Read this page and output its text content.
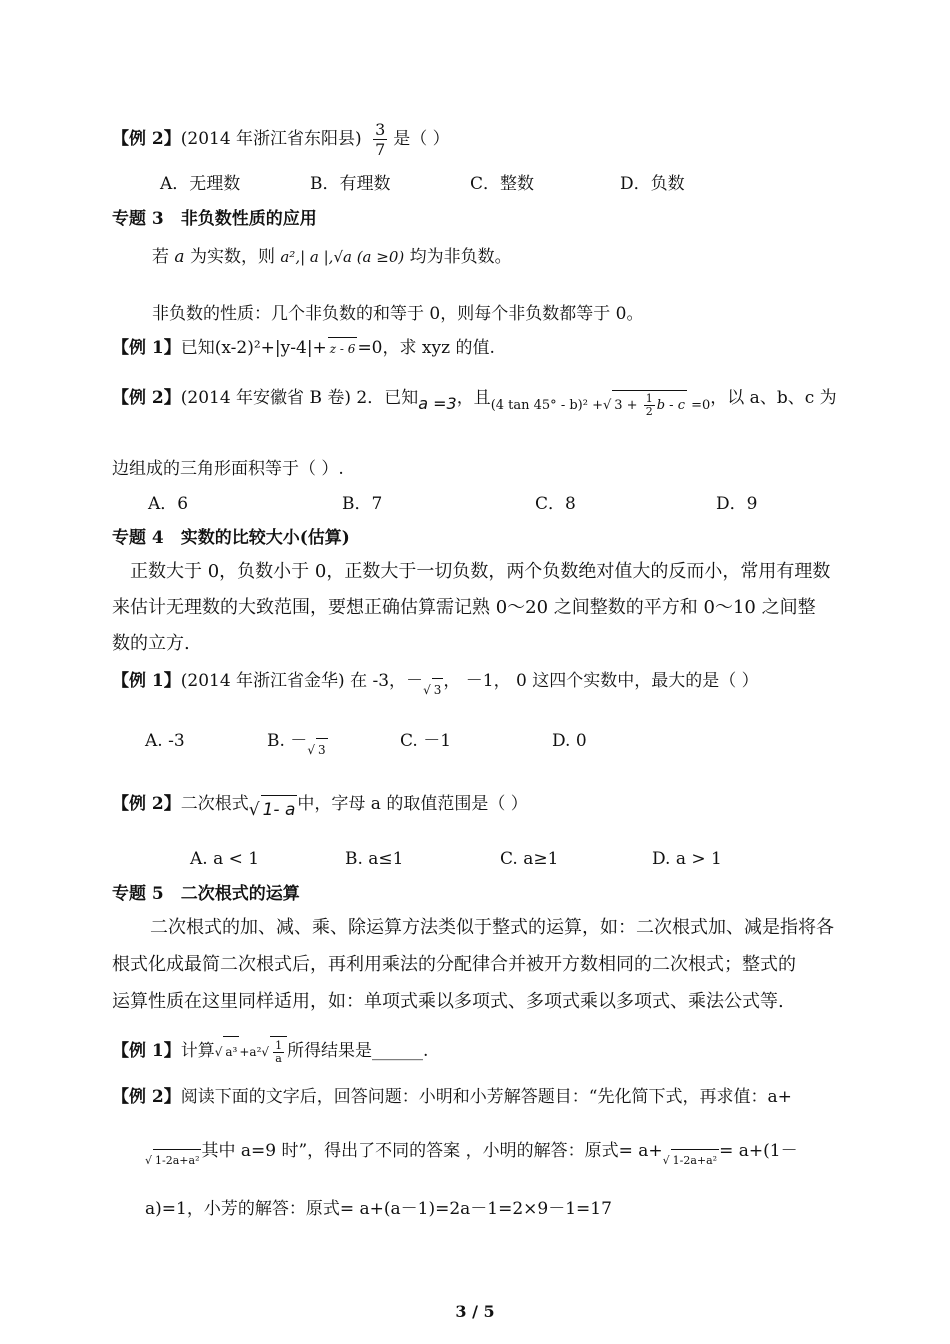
【例 2】(2014 年浙江省东阳县) $\frac{3}{7}$ 是（ ）
A．无理数	B．有理数	C．整数	D．负数
专题 3　非负数性质的应用
若 a 为实数，则 a²,| a |,√a (a ≥0) 均为非负数。
非负数的性质：几个非负数的和等于 0，则每个非负数都等于 0。
【例 1】已知(x-2)²+|y-4|+ z - 6 =0，求 xyz 的值.
【例 2】(2014 年安徽省 B 卷) 2．已知a =3，且$_{(4 tan 45^\circ - b)^2 +√ 3 + \frac{1}{2} b - c}$ $_{=0}$，以 a、b、c 为
边组成的三角形面积等于（ ）.
A．6	B．7	C．8	D．9
专题 4　实数的比较大小(估算)
正数大于 0，负数小于 0，正数大于一切负数，两个负数绝对值大的反而小，常用有理数
来估计无理数的大致范围，要想正确估算需记熟 0～20 之间整数的平方和 0～10 之间整
数的立方.
【例 1】(2014 年浙江省金华) 在 -3，$-_{√ 3}$ ， －1， 0 这四个实数中，最大的是（ ）
A. -3	B. $-_{√ 3}$	C. －1	D. 0
【例 2】二次根式√ 1- a 中，字母 a 的取值范围是（ ）
A. a < 1	B. a≤1	C. a≥1	D. a > 1
专题 5　二次根式的运算
二次根式的加、减、乘、除运算方法类似于整式的运算，如：二次根式加、减是指将各
根式化成最简二次根式后，再利用乘法的分配律合并被开方数相同的二次根式；整式的
运算性质在这里同样适用，如：单项式乘以多项式、多项式乘以多项式、乘法公式等.
【例 1】计算√ $a^3 +a^2√ \frac{1}{a}$ 所得结果是______.
【例 2】阅读下面的文字后，回答问题：小明和小芳解答题目：“先化简下式，再求值：a+
$_{√ 1-2a+a^2}$ 其中 a=9 时”，得出了不同的答案 ，小明的解答：原式= $a+_{√ 1-2a+a^2} = a+(1-$
a)=1，小芳的解答：原式= a+(a－1)=2a－1=2×9－1=17
3 / 5
